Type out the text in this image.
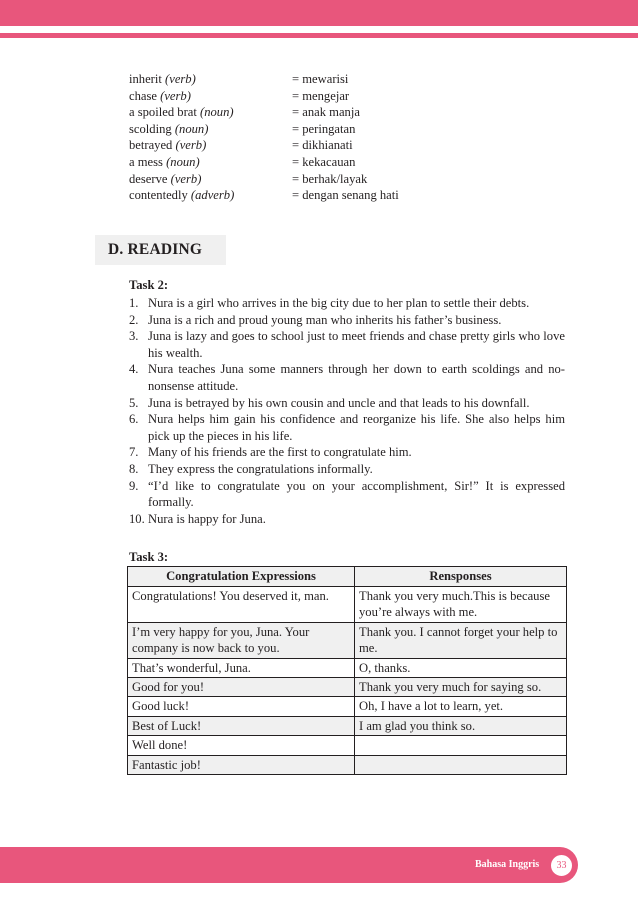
inherit (verb)	= mewarisi
chase (verb)	= mengejar
a spoiled brat (noun)	= anak manja
scolding (noun)	= peringatan
betrayed (verb)	= dikhianati
a mess (noun)	= kekacauan
deserve (verb)	= berhak/layak
contentedly (adverb)	= dengan senang hati
D. READING
Task 2:
1. Nura is a girl who arrives in the big city due to her plan to settle their debts.
2. Juna is a rich and proud young man who inherits his father’s business.
3. Juna is lazy and goes to school just to meet friends and chase pretty girls who love his wealth.
4. Nura teaches Juna some manners through her down to earth scoldings and no-nonsense attitude.
5. Juna is betrayed by his own cousin and uncle and that leads to his downfall.
6. Nura helps him gain his confidence and reorganize his life. She also helps him pick up the pieces in his life.
7. Many of his friends are the first to congratulate him.
8. They express the congratulations informally.
9. “I’d like to congratulate you on your accomplishment, Sir!” It is expressed formally.
10. Nura is happy for Juna.
Task 3:
Congratulation Expressions	Rensponses
Congratulations! You deserved it, man.	Thank you very much.This is because you’re always with me.
I’m very happy for you, Juna. Your company is now back to you.	Thank you. I cannot forget your help to me.
That’s wonderful, Juna.	O, thanks.
Good for you!	Thank you very much for saying so.
Good luck!	Oh, I have a lot to learn, yet.
Best of Luck!	I am glad you think so.
Well done!	
Fantastic job!	
Bahasa Inggris 33
